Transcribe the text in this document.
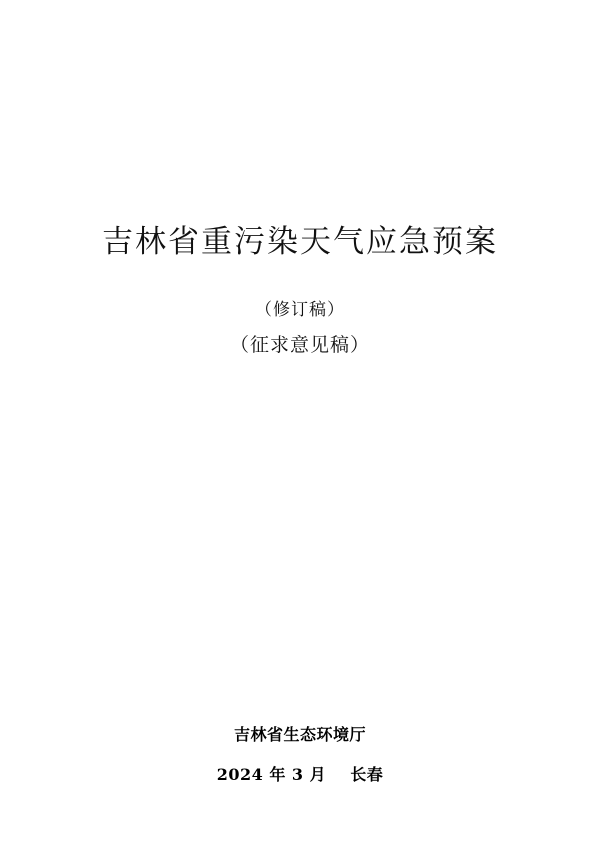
吉林省重污染天气应急预案

（修订稿）

（征求意见稿）

吉林省生态环境厅

2024 年 3 月 长春
